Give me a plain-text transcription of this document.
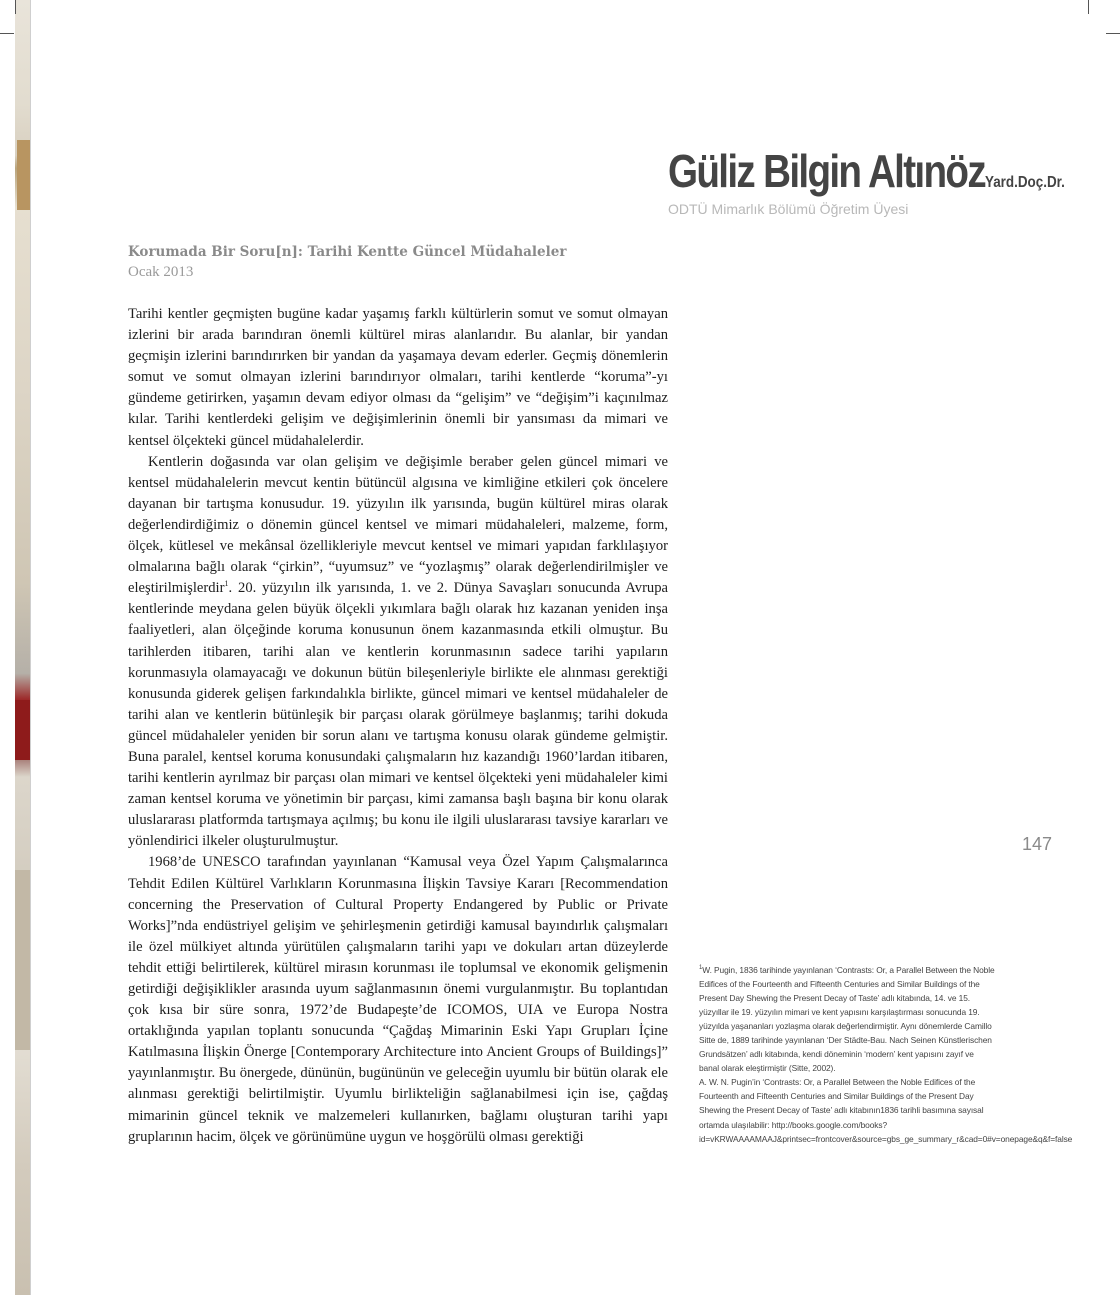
Güliz Bilgin AltınözYard.Doç.Dr.
ODTÜ Mimarlık Bölümü Öğretim Üyesi
Korumada Bir Soru[n]: Tarihi Kentte Güncel Müdahaleler
Ocak 2013

Tarihi kentler geçmişten bugüne kadar yaşamış farklı kültürlerin somut ve somut olmayan izlerini bir arada barındıran önemli kültürel miras alanlarıdır. Bu alanlar, bir yandan geçmişin izlerini barındırırken bir yandan da yaşamaya devam ederler. Geçmiş dönemlerin somut ve somut olmayan izlerini barındırıyor olmaları, tarihi kentlerde “koruma”-yı gündeme getirirken, yaşamın devam ediyor olması da “gelişim” ve “değişim”i kaçınılmaz kılar. Tarihi kentlerdeki gelişim ve değişimlerinin önemli bir yansıması da mimari ve kentsel ölçekteki güncel müdahalelerdir.

Kentlerin doğasında var olan gelişim ve değişimle beraber gelen güncel mimari ve kentsel müdahalelerin mevcut kentin bütüncül algısına ve kimliğine etkileri çok öncelere dayanan bir tartışma konusudur. 19. yüzyılın ilk yarısında, bugün kültürel miras olarak değerlendirdiğimiz o dönemin güncel kentsel ve mimari müdahaleleri, malzeme, form, ölçek, kütlesel ve mekânsal özellikleriyle mevcut kentsel ve mimari yapıdan farklılaşıyor olmalarına bağlı olarak “çirkin”, “uyumsuz” ve “yozlaşmış” olarak değerlendirilmişler ve eleştirilmişlerdir$^1$. 20. yüzyılın ilk yarısında, 1. ve 2. Dünya Savaşları sonucunda Avrupa kentlerinde meydana gelen büyük ölçekli yıkımlara bağlı olarak hız kazanan yeniden inşa faaliyetleri, alan ölçeğinde koruma konusunun önem kazanmasında etkili olmuştur. Bu tarihlerden itibaren, tarihi alan ve kentlerin korunmasının sadece tarihi yapıların korunmasıyla olamayacağı ve dokunun bütün bileşenleriyle birlikte ele alınması gerektiği konusunda giderek gelişen farkındalıkla birlikte, güncel mimari ve kentsel müdahaleler de tarihi alan ve kentlerin bütünleşik bir parçası olarak görülmeye başlanmış; tarihi dokuda güncel müdahaleler yeniden bir sorun alanı ve tartışma konusu olarak gündeme gelmiştir. Buna paralel, kentsel koruma konusundaki çalışmaların hız kazandığı 1960’lardan itibaren, tarihi kentlerin ayrılmaz bir parçası olan mimari ve kentsel ölçekteki yeni müdahaleler kimi zaman kentsel koruma ve yönetimin bir parçası, kimi zamansa başlı başına bir konu olarak uluslararası platformda tartışmaya açılmış; bu konu ile ilgili uluslararası tavsiye kararları ve yönlendirici ilkeler oluşturulmuştur.

1968’de UNESCO tarafından yayınlanan “Kamusal veya Özel Yapım Çalışmalarınca Tehdit Edilen Kültürel Varlıkların Korunmasına İlişkin Tavsiye Kararı [Recommendation concerning the Preservation of Cultural Property Endangered by Public or Private Works]”nda endüstriyel gelişim ve şehirleşmenin getirdiği kamusal bayındırlık çalışmaları ile özel mülkiyet altında yürütülen çalışmaların tarihi yapı ve dokuları artan düzeylerde tehdit ettiği belirtilerek, kültürel mirasın korunması ile toplumsal ve ekonomik gelişmenin getirdiği değişiklikler arasında uyum sağlanmasının önemi vurgulanmıştır. Bu toplantıdan çok kısa bir süre sonra, 1972’de Budapeşte’de ICOMOS, UIA ve Europa Nostra ortaklığında yapılan toplantı sonucunda “Çağdaş Mimarinin Eski Yapı Grupları İçine Katılmasına İlişkin Önerge [Contemporary Architecture into Ancient Groups of Buildings]” yayınlanmıştır. Bu önergede, dününün, bugününün ve geleceğin uyumlu bir bütün olarak ele alınması gerektiği belirtilmiştir. Uyumlu birlikteliğin sağlanabilmesi için ise, çağdaş mimarinin güncel teknik ve malzemeleri kullanırken, bağlamı oluşturan tarihi yapı gruplarının hacim, ölçek ve görünümüne uygun ve hoşgörülü olması gerektiği

147

$^1$W. Pugin, 1836 tarihinde yayınlanan ‘Contrasts: Or, a Parallel Between the Noble Edifices of the Fourteenth and Fifteenth Centuries and Similar Buildings of the Present Day Shewing the Present Decay of Taste’ adlı kitabında, 14. ve 15. yüzyıllar ile 19. yüzyılın mimari ve kent yapısını karşılaştırması sonucunda 19. yüzyılda yaşananları yozlaşma olarak değerlendirmiştir. Aynı dönemlerde Camillo Sitte de, 1889 tarihinde yayınlanan ‘Der Städte-Bau. Nach Seinen Künstlerischen Grundsätzen’ adlı kitabında, kendi döneminin ‘modern’ kent yapısını zayıf ve banal olarak eleştirmiştir (Sitte, 2002).

A. W. N. Pugin’in ‘Contrasts: Or, a Parallel Between the Noble Edifices of the Fourteenth and Fifteenth Centuries and Similar Buildings of the Present Day Shewing the Present Decay of Taste’ adlı kitabının1836 tarihli basımına sayısal ortamda ulaşılabilir: http://books.google.com/books?id=vKRWAAAAMAAJ&printsec=frontcover&source=gbs_ge_summary_r&cad=0#v=onepage&q&f=false
